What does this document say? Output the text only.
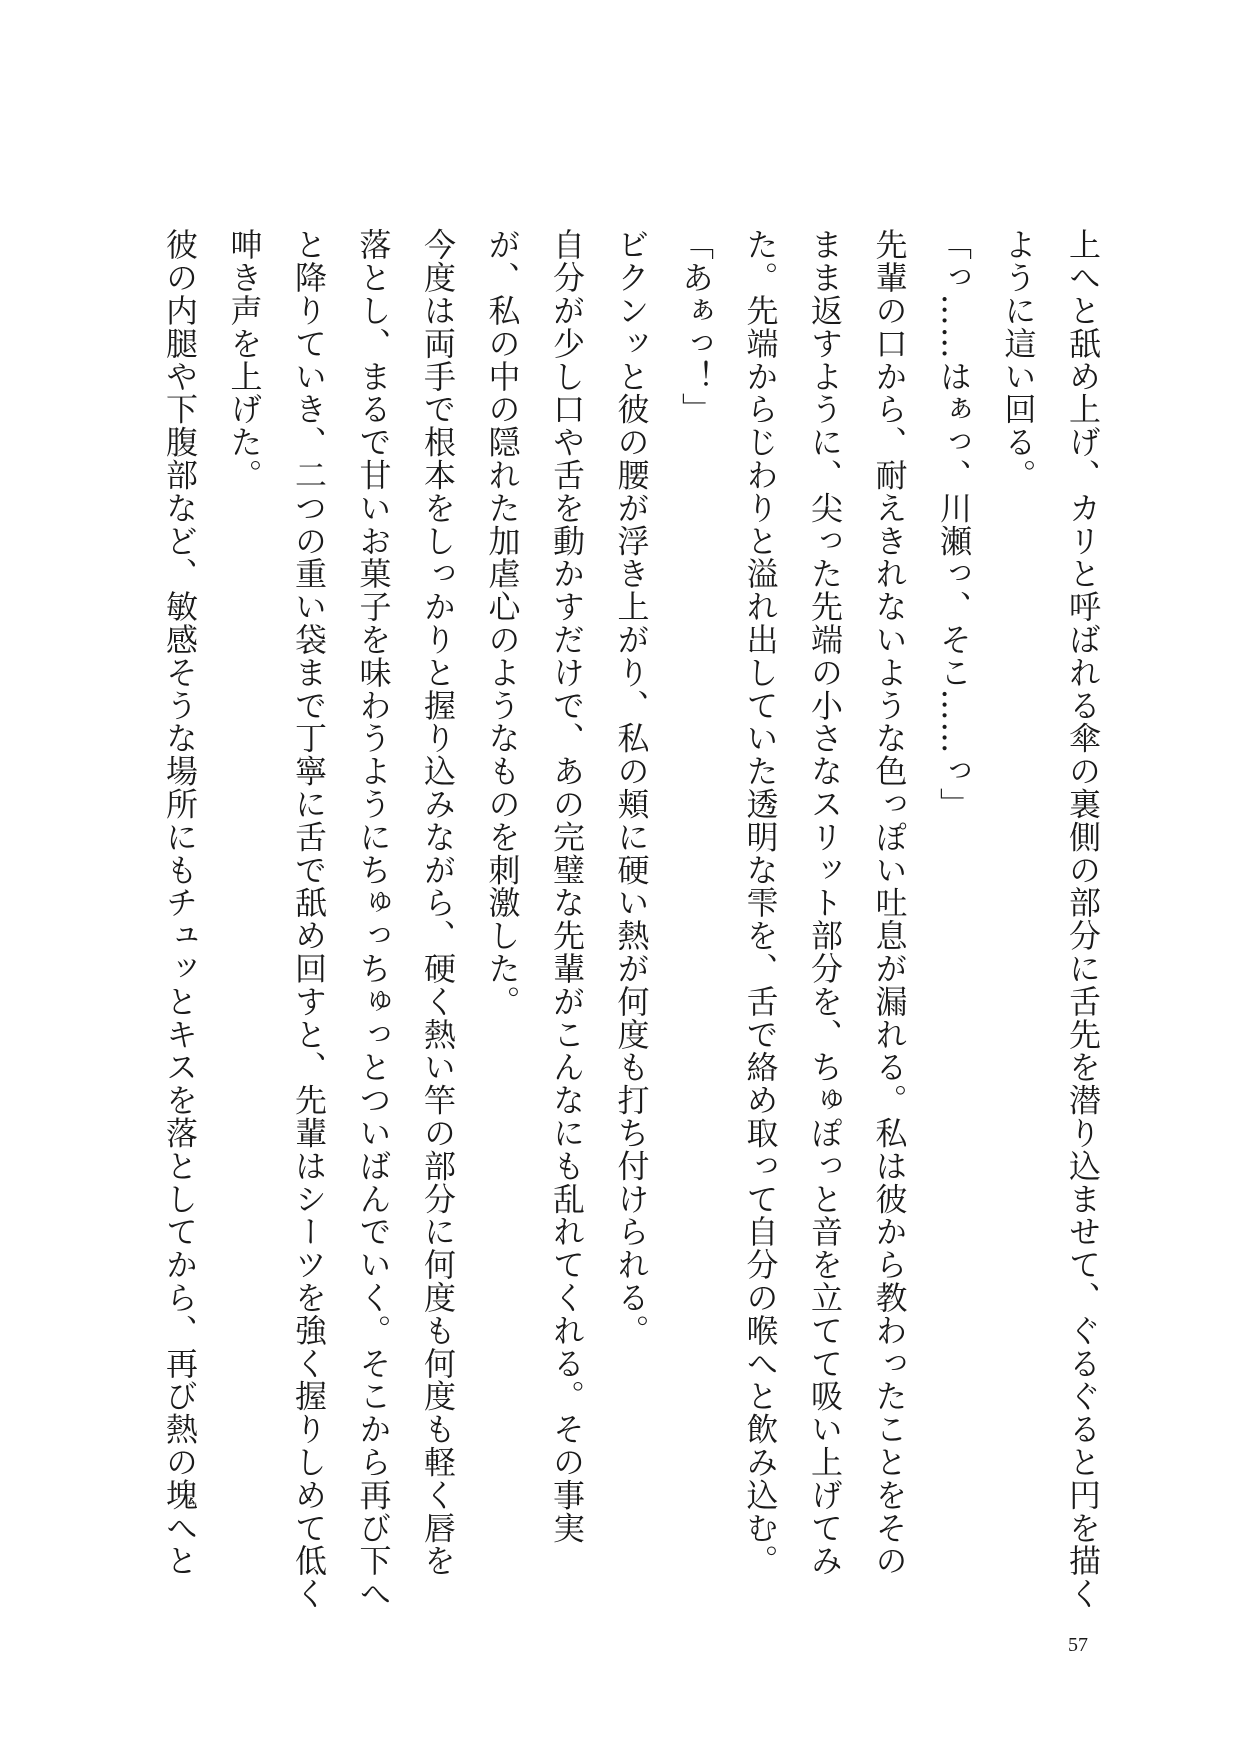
上へと舐め上げ、カリと呼ばれる傘の裏側の部分に舌先を潜り込ませて、ぐるぐると円を描く
ように這い回る。
「っ……はぁっ、川瀬っ、そこ……っ」
先輩の口から、耐えきれないような色っぽい吐息が漏れる。私は彼から教わったことをその
まま返すように、尖った先端の小さなスリット部分を、ちゅぽっと音を立てて吸い上げてみ
た。先端からじわりと溢れ出していた透明な雫を、舌で絡め取って自分の喉へと飲み込む。
「あぁっ！」
ビクンッと彼の腰が浮き上がり、私の頬に硬い熱が何度も打ち付けられる。
自分が少し口や舌を動かすだけで、あの完璧な先輩がこんなにも乱れてくれる。その事実
が、私の中の隠れた加虐心のようなものを刺激した。
今度は両手で根本をしっかりと握り込みながら、硬く熱い竿の部分に何度も何度も軽く唇を
落とし、まるで甘いお菓子を味わうようにちゅっちゅっとついばんでいく。そこから再び下へ
と降りていき、二つの重い袋まで丁寧に舌で舐め回すと、先輩はシーツを強く握りしめて低く
呻き声を上げた。
彼の内腿や下腹部など、敏感そうな場所にもチュッとキスを落としてから、再び熱の塊へと
57
